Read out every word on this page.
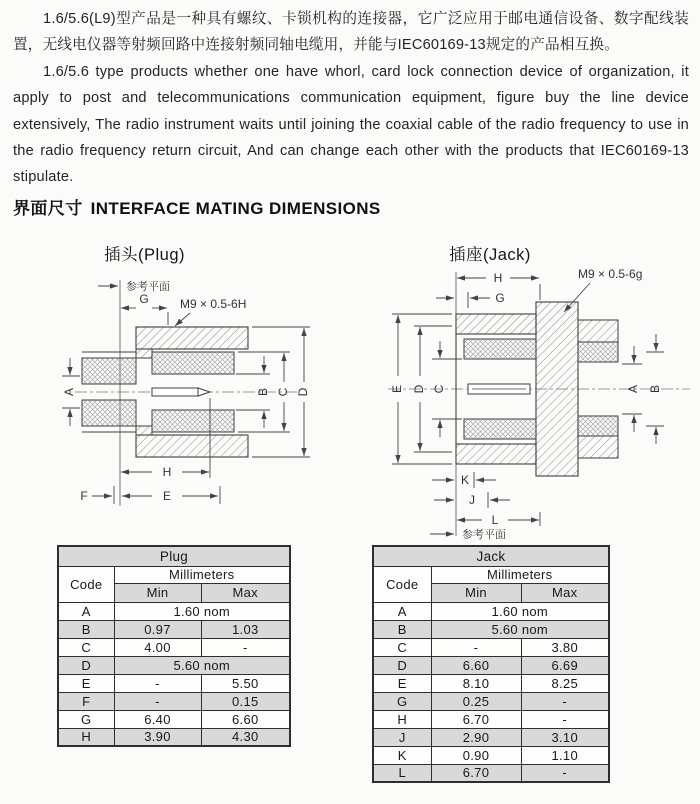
1.6/5.6(L9)型产品是一种具有螺纹、卡锁机构的连接器，它广泛应用于邮电通信设备、数字配线装置，无线电仪器等射频回路中连接射频同轴电缆用，并能与IEC60169-13规定的产品相互换。

1.6/5.6 type products whether one have whorl, card lock connection device of organization, it apply to post and telecommunications communication equipment, figure buy the line device extensively, The radio instrument waits until joining the coaxial cable of the radio frequency to use in the radio frequency return circuit, And can change each other with the products that IEC60169-13 stipulate.

界面尺寸 INTERFACE MATING DIMENSIONS
插头(Plug)	插座(Jack)
G
参考平面
M9 × 0.5-6H
A	B C D
H
F	E
H
G
M9 × 0.5-6g
E D C	A B
K
J
L
参考平面
Plug		
Code	Millimeters	
	Min	Max
A	1.60 nom	
B	0.97	1.03
C	4.00	-
D	5.60 nom	
E	-	5.50
F	-	0.15
G	6.40	6.60
H	3.90	4.30
Jack		
Code	Millimeters	
	Min	Max
A	1.60 nom	
B	5.60 nom	
C	-	3.80
D	6.60	6.69
E	8.10	8.25
G	0.25	-
H	6.70	-
J	2.90	3.10
K	0.90	1.10
L	6.70	-
